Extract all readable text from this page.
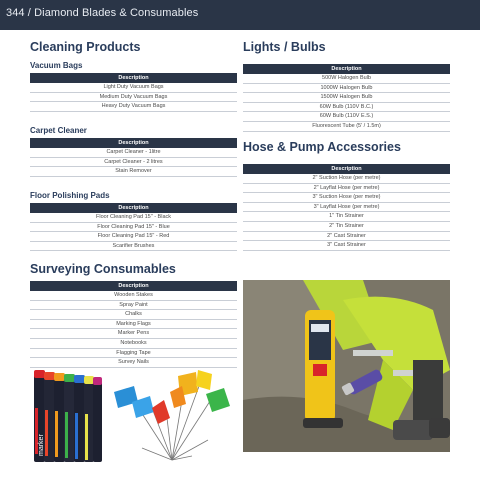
344 / Diamond Blades & Consumables
Cleaning Products
Vacuum Bags
Description
Light Duty Vacuum Bags
Medium Duty Vacuum Bags
Heavy Duty Vacuum Bags
Carpet Cleaner
Description
Carpet Cleaner - 1litre
Carpet Cleaner - 2 litres
Stain Remover
Floor Polishing Pads
Description
Floor Cleaning Pad 15" - Black
Floor Cleaning Pad 15" - Blue
Floor Cleaning Pad 15" - Red
Scarifier Brushes
Surveying Consumables
Description
Wooden Stakes
Spray Paint
Chalks
Marking Flags
Marker Pens
Notebooks
Flagging Tape
Survey Nails
Lights / Bulbs
Description
500W Halogen Bulb
1000W Halogen Bulb
1500W Halogen Bulb
60W Bulb (110V B.C.)
60W Bulb (110V E.S.)
Fluorescent Tube (5' / 1.5m)
Hose & Pump Accessories
Description
2" Suction Hose (per metre)
2" Layflat Hose (per metre)
3" Suction Hose (per metre)
3" Layflat Hose (per metre)
1" Tin Strainer
2" Tin Strainer
2" Cast Strainer
3" Cast Strainer
marker
